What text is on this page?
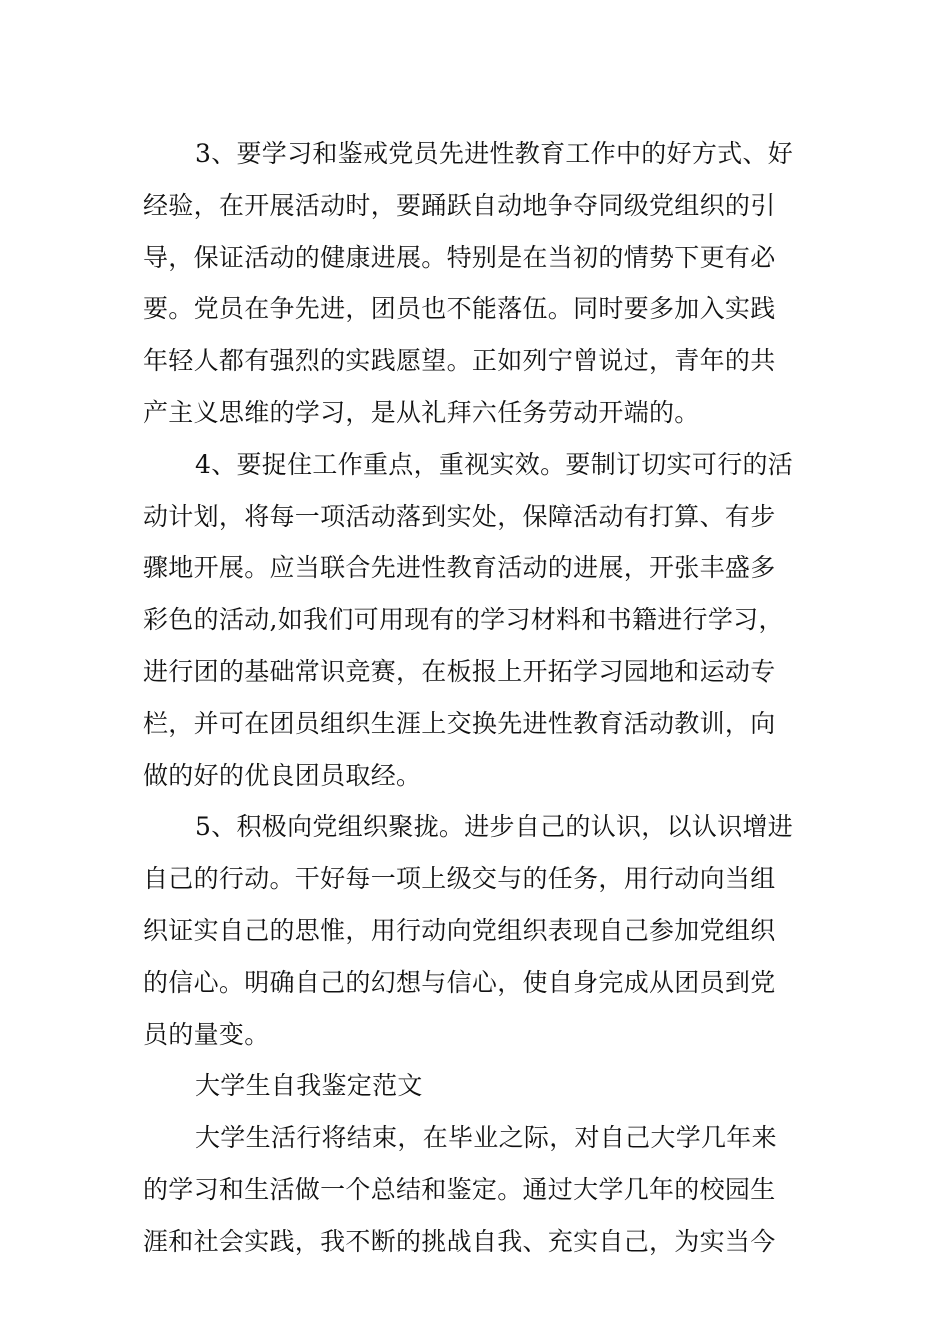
3、要学习和鉴戒党员先进性教育工作中的好方式、好
经验，在开展活动时，要踊跃自动地争夺同级党组织的引
导，保证活动的健康进展。特别是在当初的情势下更有必
要。党员在争先进，团员也不能落伍。同时要多加入实践
年轻人都有强烈的实践愿望。正如列宁曾说过，青年的共
产主义思维的学习，是从礼拜六任务劳动开端的。
4、要捉住工作重点，重视实效。要制订切实可行的活
动计划，将每一项活动落到实处，保障活动有打算、有步
骤地开展。应当联合先进性教育活动的进展，开张丰盛多
彩色的活动,如我们可用现有的学习材料和书籍进行学习，
进行团的基础常识竞赛，在板报上开拓学习园地和运动专
栏，并可在团员组织生涯上交换先进性教育活动教训，向
做的好的优良团员取经。
5、积极向党组织聚拢。进步自己的认识，以认识增进
自己的行动。干好每一项上级交与的任务，用行动向当组
织证实自己的思惟，用行动向党组织表现自己参加党组织
的信心。明确自己的幻想与信心，使自身完成从团员到党
员的量变。
大学生自我鉴定范文
大学生活行将结束，在毕业之际，对自己大学几年来
的学习和生活做一个总结和鉴定。通过大学几年的校园生
涯和社会实践，我不断的挑战自我、充实自己，为实当今
